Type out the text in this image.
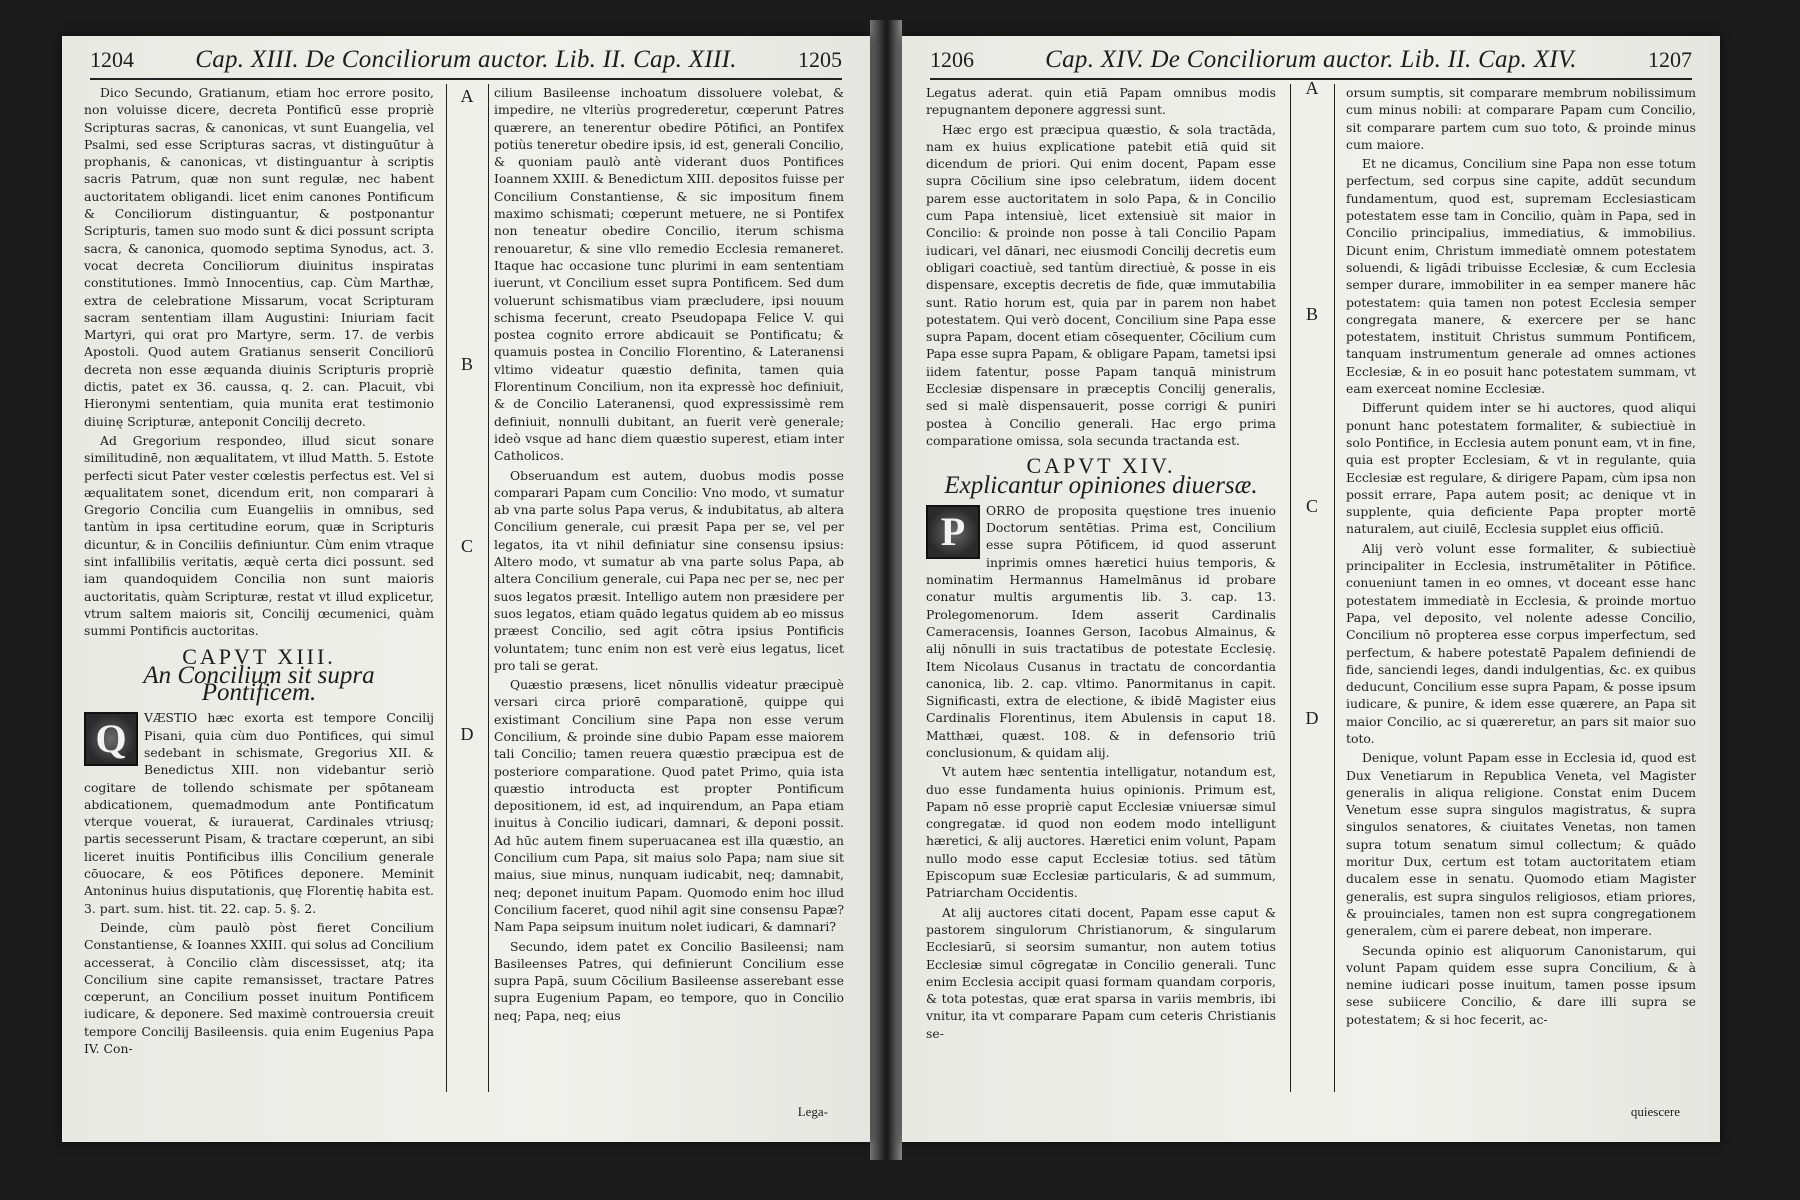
1204	Cap. XIII. De Conciliorum auctor. Lib. II. Cap. XIII.	1205
A
B
C
D

Dico Secundo, Gratianum, etiam hoc errore posito, non voluisse dicere, decreta Pontificū esse propriè Scripturas sacras, & canonicas, vt sunt Euangelia, vel Psalmi, sed esse Scripturas sacras, vt distinguūtur à prophanis, & canonicas, vt distinguantur à scriptis sacris Patrum, quæ non sunt regulæ, nec habent auctoritatem obligandi. licet enim canones Pontificum & Conciliorum distinguantur, & postponantur Scripturis, tamen suo modo sunt & dici possunt scripta sacra, & canonica, quomodo septima Synodus, act. 3. vocat decreta Conciliorum diuinitus inspiratas constitutiones. Immò Innocentius, cap. Cùm Marthæ, extra de celebratione Missarum, vocat Scripturam sacram sententiam illam Augustini: Iniuriam facit Martyri, qui orat pro Martyre, serm. 17. de verbis Apostoli. Quod autem Gratianus senserit Conciliorū decreta non esse æquanda diuinis Scripturis propriè dictis, patet ex 36. caussa, q. 2. can. Placuit, vbi Hieronymi sententiam, quia munita erat testimonio diuinę Scripturæ, anteponit Concilij decreto.

Ad Gregorium respondeo, illud sicut sonare similitudinē, non æqualitatem, vt illud Matth. 5. Estote perfecti sicut Pater vester cœlestis perfectus est. Vel si æqualitatem sonet, dicendum erit, non comparari à Gregorio Concilia cum Euangeliis in omnibus, sed tantùm in ipsa certitudine eorum, quæ in Scripturis dicuntur, & in Conciliis definiuntur. Cùm enim vtraque sint infallibilis veritatis, æquè certa dici possunt. sed iam quandoquidem Concilia non sunt maioris auctoritatis, quàm Scripturæ, restat vt illud explicetur, vtrum saltem maioris sit, Concilij œcumenici, quàm summi Pontificis auctoritas.

CAPVT XIII.
An Concilium sit supra Pontificem.
Q	VÆSTIO hæc exorta est tempore Concilij Pisani, quia cùm duo Pontifices, qui simul sedebant in schismate, Gregorius XII. & Benedictus XIII. non videbantur seriò cogitare de tollendo schismate per spōtaneam abdicationem, quemadmodum ante Pontificatum vterque vouerat, & iurauerat, Cardinales vtriusq; partis secesserunt Pisam, & tractare cœperunt, an sibi liceret inuitis Pontificibus illis Concilium generale cōuocare, & eos Pōtifices deponere. Meminit Antoninus huius disputationis, quę Florentię habita est. 3. part. sum. hist. tit. 22. cap. 5. §. 2.

Deinde, cùm paulò pòst fieret Concilium Constantiense, & Ioannes XXIII. qui solus ad Concilium accesserat, à Concilio clàm discessisset, atq; ita Concilium sine capite remansisset, tractare Patres cœperunt, an Concilium posset inuitum Pontificem iudicare, & deponere. Sed maximè controuersia creuit tempore Concilij Basileensis. quia enim Eugenius Papa IV. Con-

cilium Basileense inchoatum dissoluere volebat, & impedire, ne vlteriùs progrederetur, cœperunt Patres quærere, an tenerentur obedire Pōtifici, an Pontifex potiùs teneretur obedire ipsis, id est, generali Concilio, & quoniam paulò antè viderant duos Pontifices Ioannem XXIII. & Benedictum XIII. depositos fuisse per Concilium Constantiense, & sic impositum finem maximo schismati; cœperunt metuere, ne si Pontifex non teneatur obedire Concilio, iterum schisma renouaretur, & sine vllo remedio Ecclesia remaneret. Itaque hac occasione tunc plurimi in eam sententiam iuerunt, vt Concilium esset supra Pontificem. Sed dum voluerunt schismatibus viam præcludere, ipsi nouum schisma fecerunt, creato Pseudopapa Felice V. qui postea cognito errore abdicauit se Pontificatu; & quamuis postea in Concilio Florentino, & Lateranensi vltimo videatur quæstio definita, tamen quia Florentinum Concilium, non ita expressè hoc definiuit, & de Concilio Lateranensi, quod expressissimè rem definiuit, nonnulli dubitant, an fuerit verè generale; ideò vsque ad hanc diem quæstio superest, etiam inter Catholicos.

Obseruandum est autem, duobus modis posse comparari Papam cum Concilio: Vno modo, vt sumatur ab vna parte solus Papa verus, & indubitatus, ab altera Concilium generale, cui præsit Papa per se, vel per legatos, ita vt nihil definiatur sine consensu ipsius: Altero modo, vt sumatur ab vna parte solus Papa, ab altera Concilium generale, cui Papa nec per se, nec per suos legatos præsit. Intelligo autem non præsidere per suos legatos, etiam quādo legatus quidem ab eo missus præest Concilio, sed agit cōtra ipsius Pontificis voluntatem; tunc enim non est verè eius legatus, licet pro tali se gerat.

Quæstio præsens, licet nōnullis videatur præcipuè versari circa priorē comparationē, quippe qui existimant Concilium sine Papa non esse verum Concilium, & proinde sine dubio Papam esse maiorem tali Concilio; tamen reuera quæstio præcipua est de posteriore comparatione. Quod patet Primo, quia ista quæstio introducta est propter Pontificum depositionem, id est, ad inquirendum, an Papa etiam inuitus à Concilio iudicari, damnari, & deponi possit. Ad hūc autem finem superuacanea est illa quæstio, an Concilium cum Papa, sit maius solo Papa; nam siue sit maius, siue minus, nunquam iudicabit, neq; damnabit, neq; deponet inuitum Papam. Quomodo enim hoc illud Concilium faceret, quod nihil agit sine consensu Papæ? Nam Papa seipsum inuitum nolet iudicari, & damnari?

Secundo, idem patet ex Concilio Basileensi; nam Basileenses Patres, qui definierunt Concilium esse supra Papā, suum Cōcilium Basileense asserebant esse supra Eugenium Papam, eo tempore, quo in Concilio neq; Papa, neq; eius

Lega-
1206	Cap. XIV. De Conciliorum auctor. Lib. II. Cap. XIV.	1207
A
B
C
D

Legatus aderat. quin etiā Papam omnibus modis repugnantem deponere aggressi sunt.

Hæc ergo est præcipua quæstio, & sola tractāda, nam ex huius explicatione patebit etiā quid sit dicendum de priori. Qui enim docent, Papam esse supra Cōcilium sine ipso celebratum, iidem docent parem esse auctoritatem in solo Papa, & in Concilio cum Papa intensiuè, licet extensiuè sit maior in Concilio: & proinde non posse à tali Concilio Papam iudicari, vel dānari, nec eiusmodi Concilij decretis eum obligari coactiuè, sed tantùm directiuè, & posse in eis dispensare, exceptis decretis de fide, quæ immutabilia sunt. Ratio horum est, quia par in parem non habet potestatem. Qui verò docent, Concilium sine Papa esse supra Papam, docent etiam cōsequenter, Cōcilium cum Papa esse supra Papam, & obligare Papam, tametsi ipsi iidem fatentur, posse Papam tanquā ministrum Ecclesiæ dispensare in præceptis Concilij generalis, sed si malè dispensauerit, posse corrigi & puniri postea à Concilio generali. Hac ergo prima comparatione omissa, sola secunda tractanda est.

CAPVT XIV.
Explicantur opiniones diuersæ.
P	ORRO de proposita quęstione tres inuenio Doctorum sentētias. Prima est, Concilium esse supra Pōtificem, id quod asserunt inprimis omnes hæretici huius temporis, & nominatim Hermannus Hamelmānus id probare conatur multis argumentis lib. 3. cap. 13. Prolegomenorum. Idem asserit Cardinalis Cameracensis, Ioannes Gerson, Iacobus Almainus, & alij nōnulli in suis tractatibus de potestate Ecclesię. Item Nicolaus Cusanus in tractatu de concordantia canonica, lib. 2. cap. vltimo. Panormitanus in capit. Significasti, extra de electione, & ibidē Magister eius Cardinalis Florentinus, item Abulensis in caput 18. Matthæi, quæst. 108. & in defensorio triū conclusionum, & quidam alij.

Vt autem hæc sententia intelligatur, notandum est, duo esse fundamenta huius opinionis. Primum est, Papam nō esse propriè caput Ecclesiæ vniuersæ simul congregatæ. id quod non eodem modo intelligunt hæretici, & alij auctores. Hæretici enim volunt, Papam nullo modo esse caput Ecclesiæ totius. sed tātùm Episcopum suæ Ecclesiæ particularis, & ad summum, Patriarcham Occidentis.

At alij auctores citati docent, Papam esse caput & pastorem singulorum Christianorum, & singularum Ecclesiarū, si seorsim sumantur, non autem totius Ecclesiæ simul cōgregatæ in Concilio generali. Tunc enim Ecclesia accipit quasi formam quandam corporis, & tota potestas, quæ erat sparsa in variis membris, ibi vnitur, ita vt comparare Papam cum ceteris Christianis se-

orsum sumptis, sit comparare membrum nobilissimum cum minus nobili: at comparare Papam cum Concilio, sit comparare partem cum suo toto, & proinde minus cum maiore.

Et ne dicamus, Concilium sine Papa non esse totum perfectum, sed corpus sine capite, addūt secundum fundamentum, quod est, supremam Ecclesiasticam potestatem esse tam in Concilio, quàm in Papa, sed in Concilio principalius, immediatius, & immobilius. Dicunt enim, Christum immediatè omnem potestatem soluendi, & ligādi tribuisse Ecclesiæ, & cum Ecclesia semper durare, immobiliter in ea semper manere hāc potestatem: quia tamen non potest Ecclesia semper congregata manere, & exercere per se hanc potestatem, instituit Christus summum Pontificem, tanquam instrumentum generale ad omnes actiones Ecclesiæ, & in eo posuit hanc potestatem summam, vt eam exerceat nomine Ecclesiæ.

Differunt quidem inter se hi auctores, quod aliqui ponunt hanc potestatem formaliter, & subiectiuè in solo Pontifice, in Ecclesia autem ponunt eam, vt in fine, quia est propter Ecclesiam, & vt in regulante, quia Ecclesiæ est regulare, & dirigere Papam, cùm ipsa non possit errare, Papa autem posit; ac denique vt in supplente, quia deficiente Papa propter mortē naturalem, aut ciuilē, Ecclesia supplet eius officiū.

Alij verò volunt esse formaliter, & subiectiuè principaliter in Ecclesia, instrumētaliter in Pōtifice. conueniunt tamen in eo omnes, vt doceant esse hanc potestatem immediatè in Ecclesia, & proinde mortuo Papa, vel deposito, vel nolente adesse Concilio, Concilium nō propterea esse corpus imperfectum, sed perfectum, & habere potestatē Papalem definiendi de fide, sanciendi leges, dandi indulgentias, &c. ex quibus deducunt, Concilium esse supra Papam, & posse ipsum iudicare, & punire, & idem esse quærere, an Papa sit maior Concilio, ac si quæreretur, an pars sit maior suo toto.

Denique, volunt Papam esse in Ecclesia id, quod est Dux Venetiarum in Republica Veneta, vel Magister generalis in aliqua religione. Constat enim Ducem Venetum esse supra singulos magistratus, & supra singulos senatores, & ciuitates Venetas, non tamen supra totum senatum simul collectum; & quādo moritur Dux, certum est totam auctoritatem etiam ducalem esse in senatu. Quomodo etiam Magister generalis, est supra singulos religiosos, etiam priores, & prouinciales, tamen non est supra congregationem generalem, cùm ei parere debeat, non imperare.

Secunda opinio est aliquorum Canonistarum, qui volunt Papam quidem esse supra Concilium, & à nemine iudicari posse inuitum, tamen posse ipsum sese subiicere Concilio, & dare illi supra se potestatem; & si hoc fecerit, ac-

quiescere
